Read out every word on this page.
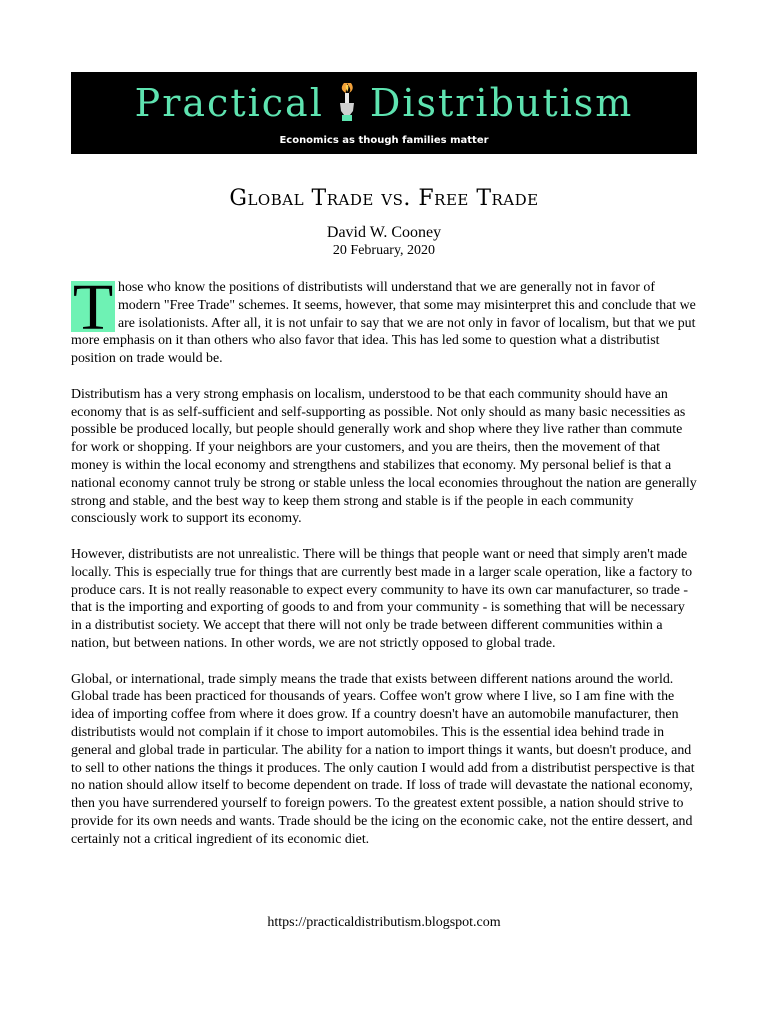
Practical Distributism
Economics as though families matter
Global Trade vs. Free Trade
David W. Cooney
20 February, 2020

T hose who know the positions of distributists will understand that we are generally not in favor of modern "Free Trade" schemes. It seems, however, that some may misinterpret this and conclude that we are isolationists. After all, it is not unfair to say that we are not only in favor of localism, but that we put more emphasis on it than others who also favor that idea. This has led some to question what a distributist position on trade would be.

Distributism has a very strong emphasis on localism, understood to be that each community should have an economy that is as self-sufficient and self-supporting as possible. Not only should as many basic necessities as possible be produced locally, but people should generally work and shop where they live rather than commute for work or shopping. If your neighbors are your customers, and you are theirs, then the movement of that money is within the local economy and strengthens and stabilizes that economy. My personal belief is that a national economy cannot truly be strong or stable unless the local economies throughout the nation are generally strong and stable, and the best way to keep them strong and stable is if the people in each community consciously work to support its economy.

However, distributists are not unrealistic. There will be things that people want or need that simply aren't made locally. This is especially true for things that are currently best made in a larger scale operation, like a factory to produce cars. It is not really reasonable to expect every community to have its own car manufacturer, so trade - that is the importing and exporting of goods to and from your community - is something that will be necessary in a distributist society. We accept that there will not only be trade between different communities within a nation, but between nations. In other words, we are not strictly opposed to global trade.

Global, or international, trade simply means the trade that exists between different nations around the world. Global trade has been practiced for thousands of years. Coffee won't grow where I live, so I am fine with the idea of importing coffee from where it does grow. If a country doesn't have an automobile manufacturer, then distributists would not complain if it chose to import automobiles. This is the essential idea behind trade in general and global trade in particular. The ability for a nation to import things it wants, but doesn't produce, and to sell to other nations the things it produces. The only caution I would add from a distributist perspective is that no nation should allow itself to become dependent on trade. If loss of trade will devastate the national economy, then you have surrendered yourself to foreign powers. To the greatest extent possible, a nation should strive to provide for its own needs and wants. Trade should be the icing on the economic cake, not the entire dessert, and certainly not a critical ingredient of its economic diet.

https://practicaldistributism.blogspot.com
